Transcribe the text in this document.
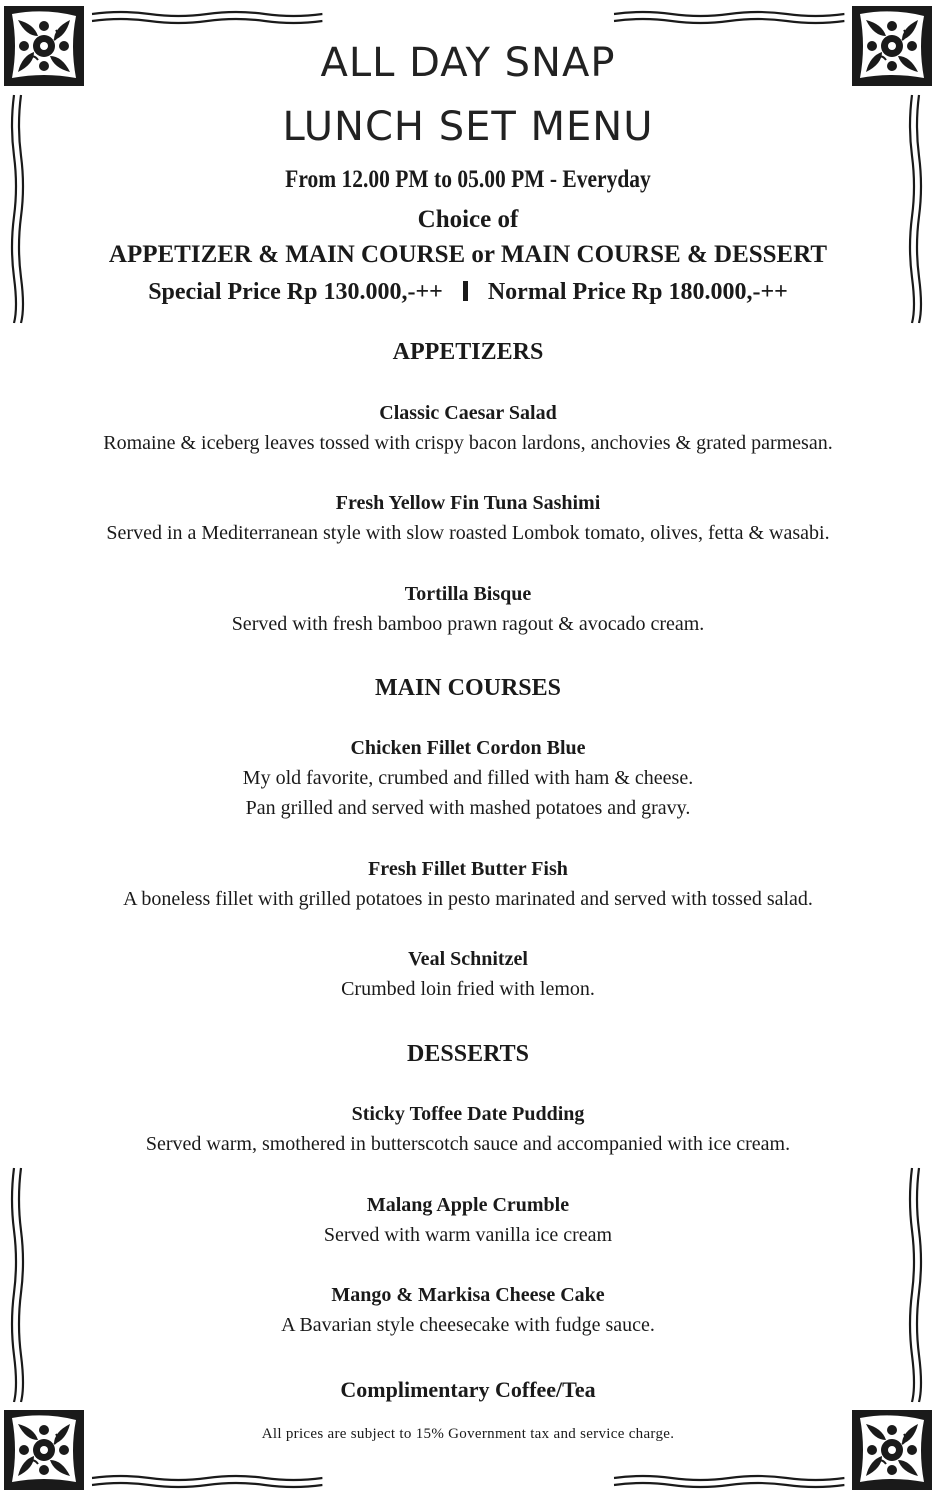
ALL DAY SNAP
LUNCH SET MENU
From 12.00 PM to 05.00 PM - Everyday
Choice of
APPETIZER & MAIN COURSE or MAIN COURSE & DESSERT
Special Price Rp 130.000,-++ Normal Price Rp 180.000,-++
APPETIZERS
Classic Caesar Salad
Romaine & iceberg leaves tossed with crispy bacon lardons, anchovies & grated parmesan.
Fresh Yellow Fin Tuna Sashimi
Served in a Mediterranean style with slow roasted Lombok tomato, olives, fetta & wasabi.
Tortilla Bisque
Served with fresh bamboo prawn ragout & avocado cream.
MAIN COURSES
Chicken Fillet Cordon Blue
My old favorite, crumbed and filled with ham & cheese.
Pan grilled and served with mashed potatoes and gravy.
Fresh Fillet Butter Fish
A boneless fillet with grilled potatoes in pesto marinated and served with tossed salad.
Veal Schnitzel
Crumbed loin fried with lemon.
DESSERTS
Sticky Toffee Date Pudding
Served warm, smothered in butterscotch sauce and accompanied with ice cream.
Malang Apple Crumble
Served with warm vanilla ice cream
Mango & Markisa Cheese Cake
A Bavarian style cheesecake with fudge sauce.
Complimentary Coffee/Tea
All prices are subject to 15% Government tax and service charge.
